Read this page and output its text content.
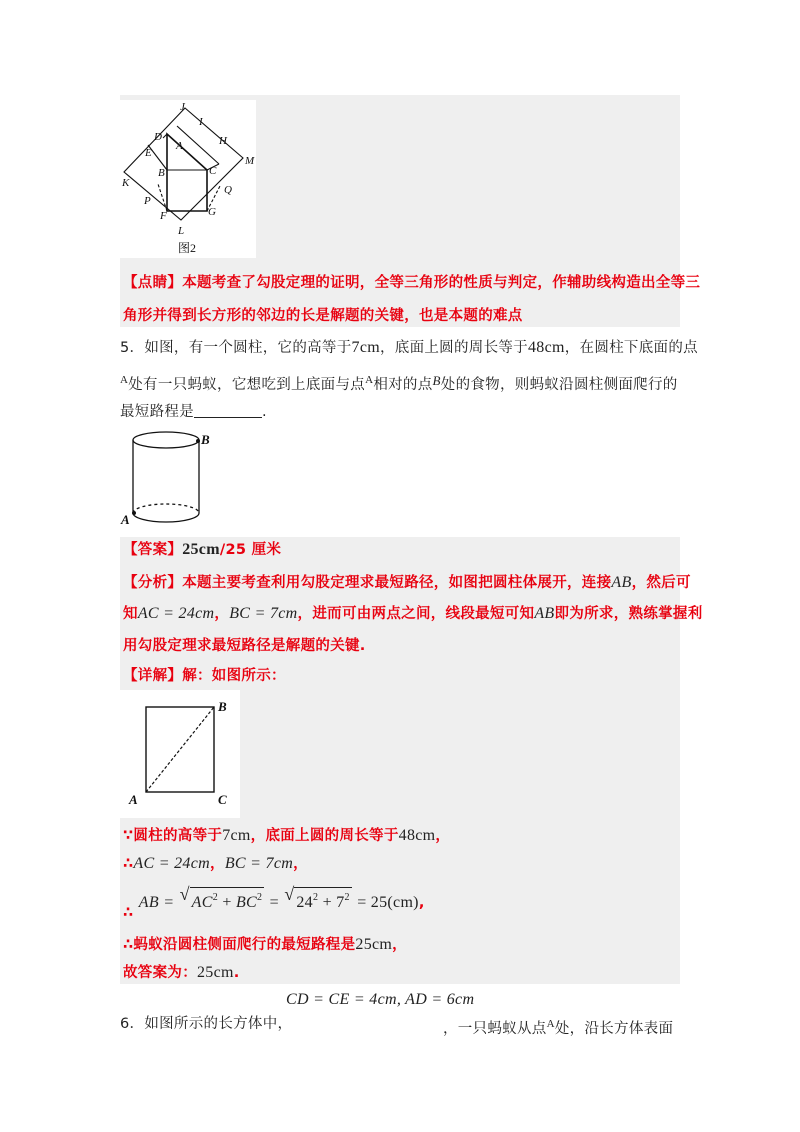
J
I
D	H
A
E
M
C
B
K
Q
P
G
F
L
图2
【点睛】本题考查了勾股定理的证明，全等三角形的性质与判定，作辅助线构造出全等三
角形并得到长方形的邻边的长是解题的关键，也是本题的难点
5．如图，有一个圆柱，它的高等于7cm，底面上圆的周长等于48cm，在圆柱下底面的点
$^A$处有一只蚂蚁，它想吃到上底面与点$^A$相对的点B处的食物，则蚂蚁沿圆柱侧面爬行的
最短路程是	.
B
A
【答案】25cm/25 厘米
【分析】本题主要考查利用勾股定理求最短路径，如图把圆柱体展开，连接AB，然后可
知AC = 24cm，BC = 7cm，进而可由两点之间，线段最短可知AB即为所求，熟练掌握利
用勾股定理求最短路径是解题的关键.
【详解】解：如图所示：
B
A	C
∵圆柱的高等于7cm，底面上圆的周长等于48cm，
∴AC = 24cm，BC = 7cm，
∴ AB = √ $AC^2 + BC^2$ = √ $24^2 + 7^2 = 25(cm)$,
∴蚂蚁沿圆柱侧面爬行的最短路程是25cm，
故答案为：25cm.
CD = CE = 4cm, AD = 6cm
6．如图所示的长方体中，	，一只蚂蚁从点$^A$处，沿长方体表面
